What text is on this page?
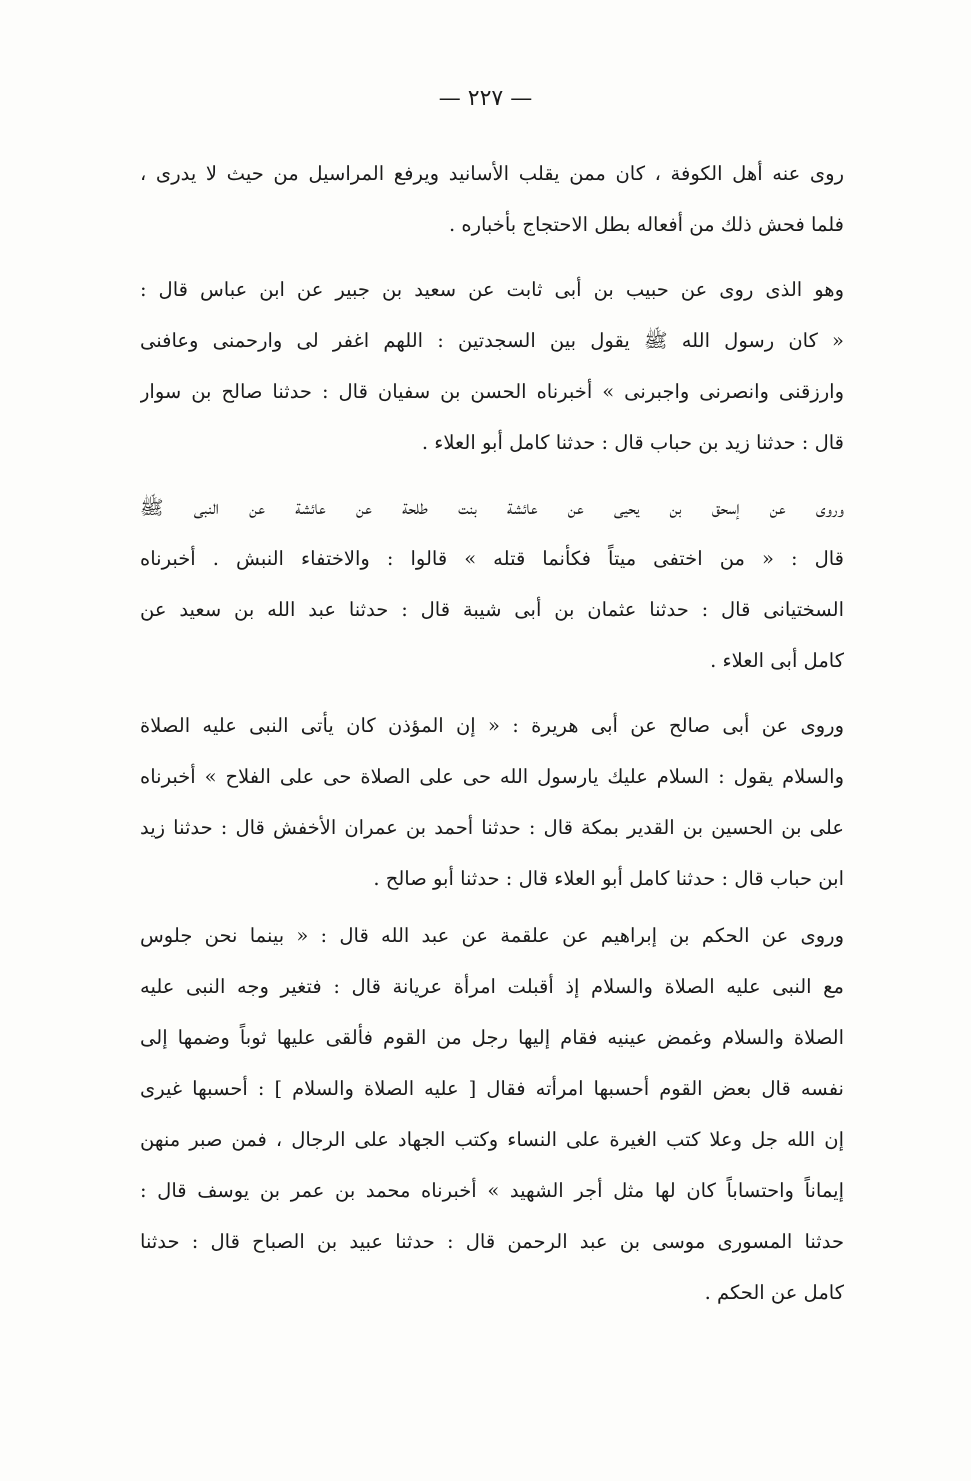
— ٢٢٧ —
روى عنه أهل الكوفة ، كان ممن يقلب الأسانيد ويرفع المراسيل من حيث لا يدرى ،
فلما فحش ذلك من أفعاله بطل الاحتجاج بأخباره .
وهو الذى روى عن حبيب بن أبى ثابت عن سعيد بن جبير عن ابن عباس قال :
« كان رسول الله ﷺ يقول بين السجدتين : اللهم اغفر لى وارحمنى وعافنى
وارزقنى وانصرنى واجبرنى » أخبرناه الحسن بن سفيان قال : حدثنا صالح بن سوار
قال : حدثنا زيد بن حباب قال : حدثنا كامل أبو العلاء .
وروى عن إسحق بن يحيى عن عائشة بنت طلحة عن عائشة عن النبى ﷺ
قال : « من اختفى ميتاً فكأنما قتله » قالوا : والاختفاء النبش . أخبرناه
السختيانى قال : حدثنا عثمان بن أبى شيبة قال : حدثنا عبد الله بن سعيد عن
كامل أبى العلاء .
وروى عن أبى صالح عن أبى هريرة : « إن المؤذن كان يأتى النبى عليه الصلاة
والسلام يقول : السلام عليك يارسول الله حى على الصلاة حى على الفلاح » أخبرناه
على بن الحسين بن القدير بمكة قال : حدثنا أحمد بن عمران الأخفش قال : حدثنا زيد
ابن حباب قال : حدثنا كامل أبو العلاء قال : حدثنا أبو صالح .
وروى عن الحكم بن إبراهيم عن علقمة عن عبد الله قال : « بينما نحن جلوس
مع النبى عليه الصلاة والسلام إذ أقبلت امرأة عريانة قال : فتغير وجه النبى عليه
الصلاة والسلام وغمض عينيه فقام إليها رجل من القوم فألقى عليها ثوباً وضمها إلى
نفسه قال بعض القوم أحسبها امرأته فقال [ عليه الصلاة والسلام ] : أحسبها غيرى
إن الله جل وعلا كتب الغيرة على النساء وكتب الجهاد على الرجال ، فمن صبر منهن
إيماناً واحتساباً كان لها مثل أجر الشهيد » أخبرناه محمد بن عمر بن يوسف قال :
حدثنا المسورى موسى بن عبد الرحمن قال : حدثنا عبيد بن الصباح قال : حدثنا
كامل عن الحكم .
